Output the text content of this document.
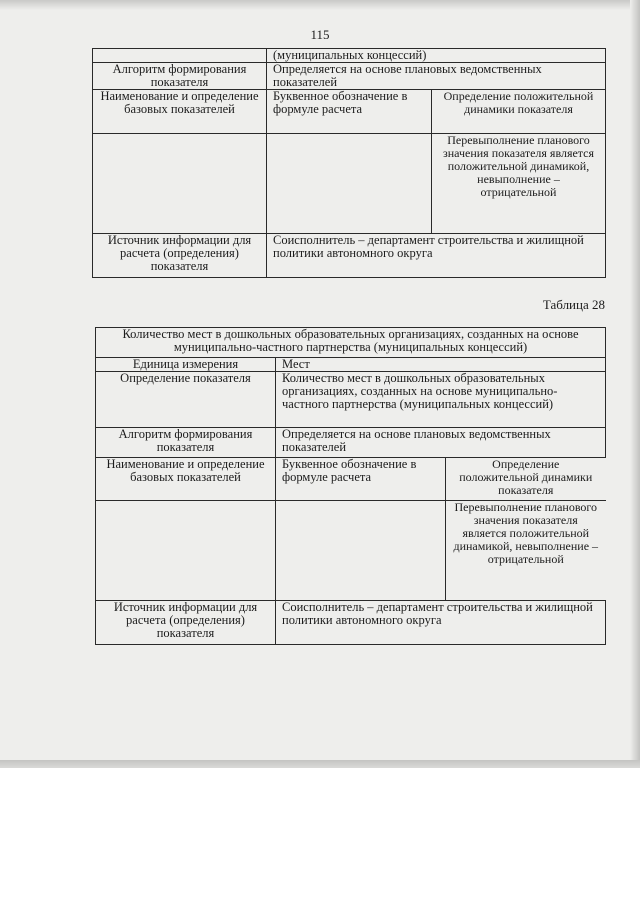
115
	(муниципальных концессий)	
Алгоритм формирования показателя	Определяется на основе плановых ведомственных показателей	
Наименование и определение базовых показателей	Буквенное обозначение в формуле расчета	Определение положительной динамики показателя
		Перевыполнение планового значения показателя является положительной динамикой, невыполнение – отрицательной
Источник информации для расчета (определения) показателя	Соисполнитель – департамент строительства и жилищной политики автономного округа	
Таблица 28
Количество мест в дошкольных образовательных организациях, созданных на основе муниципально-частного партнерства (муниципальных концессий)		
Единица измерения	Мест	
Определение показателя	Количество мест в дошкольных образовательных организациях, созданных на основе муниципально-частного партнерства (муниципальных концессий)	
Алгоритм формирования показателя	Определяется на основе плановых ведомственных показателей	
Наименование и определение базовых показателей	Буквенное обозначение в формуле расчета	Определение положительной динамики показателя
		Перевыполнение планового значения показателя является положительной динамикой, невыполнение – отрицательной
Источник информации для расчета (определения) показателя	Соисполнитель – департамент строительства и жилищной политики автономного округа	
